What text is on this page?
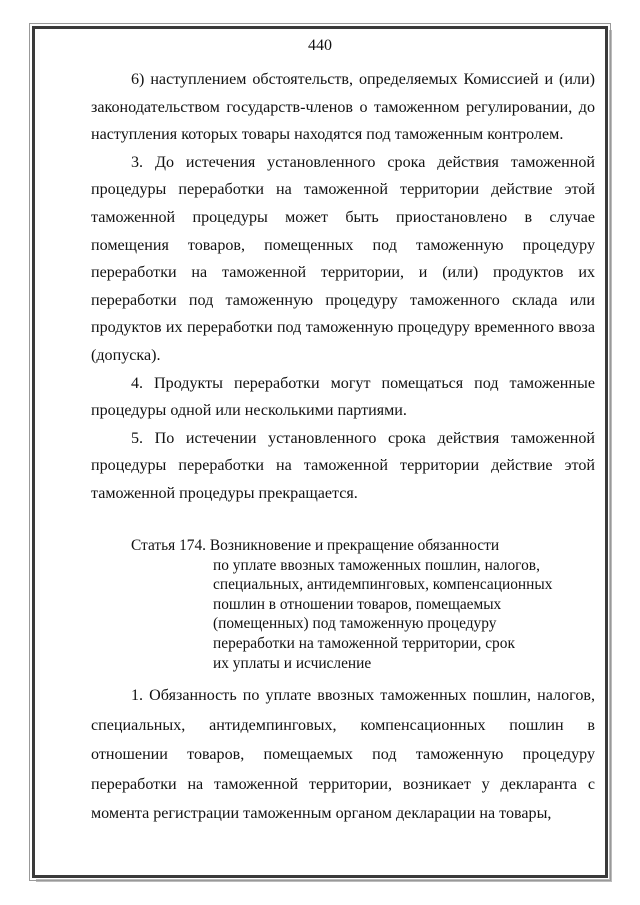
440

6) наступлением обстоятельств, определяемых Комиссией и (или) законодательством государств-членов о таможенном регулировании, до наступления которых товары находятся под таможенным контролем.

3. До истечения установленного срока действия таможенной процедуры переработки на таможенной территории действие этой таможенной процедуры может быть приостановлено в случае помещения товаров, помещенных под таможенную процедуру переработки на таможенной территории, и (или) продуктов их переработки под таможенную процедуру таможенного склада или продуктов их переработки под таможенную процедуру временного ввоза (допуска).

4. Продукты переработки могут помещаться под таможенные процедуры одной или несколькими партиями.

5. По истечении установленного срока действия таможенной процедуры переработки на таможенной территории действие этой таможенной процедуры прекращается.

Статья 174. Возникновение и прекращение обязанности
по уплате ввозных таможенных пошлин, налогов,
специальных, антидемпинговых, компенсационных
пошлин в отношении товаров, помещаемых
(помещенных) под таможенную процедуру
переработки на таможенной территории, срок
их уплаты и исчисление

1. Обязанность по уплате ввозных таможенных пошлин, налогов, специальных, антидемпинговых, компенсационных пошлин в отношении товаров, помещаемых под таможенную процедуру переработки на таможенной территории, возникает у декларанта с момента регистрации таможенным органом декларации на товары,
